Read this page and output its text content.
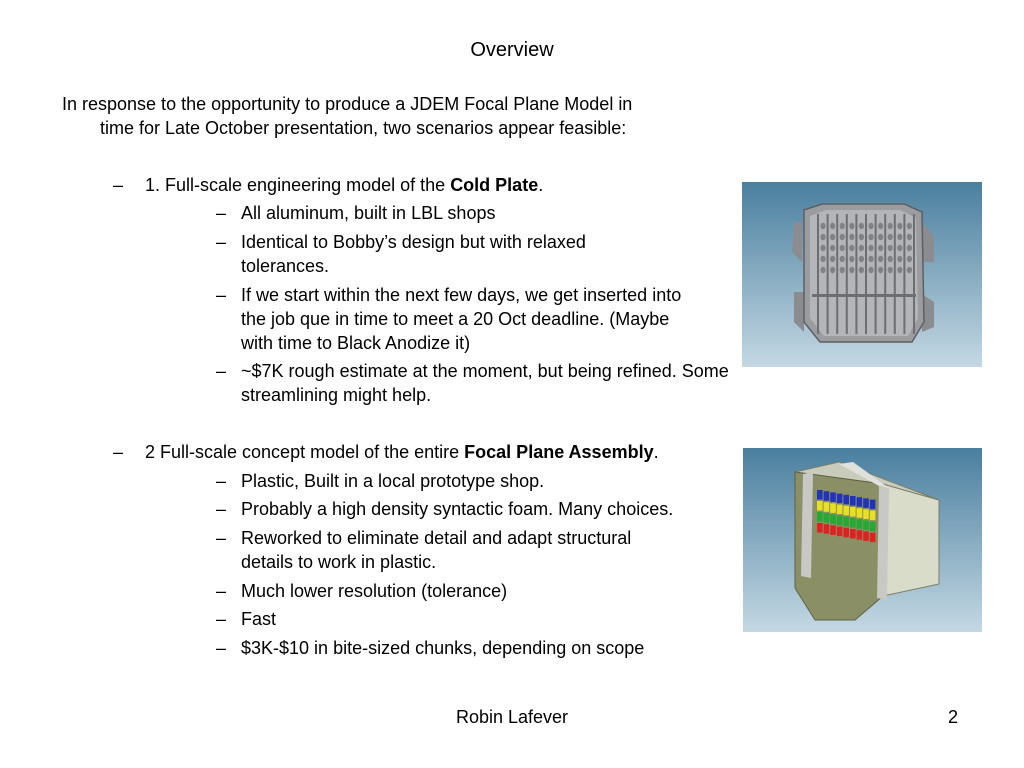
Overview
In response to the opportunity to produce a JDEM Focal Plane Model in
time for Late October presentation, two scenarios appear feasible:
– 1. Full-scale engineering model of the Cold Plate.
– All aluminum, built in LBL shops
– Identical to Bobby’s design but with relaxed tolerances.
– If we start within the next few days, we get inserted into the job que in time to meet a 20 Oct deadline. (Maybe with time to Black Anodize it)
– ~$7K rough estimate at the moment, but being refined. Some streamlining might help.
– 2 Full-scale concept model of the entire Focal Plane Assembly.
– Plastic, Built in a local prototype shop.
– Probably a high density syntactic foam. Many choices.
– Reworked to eliminate detail and adapt structural details to work in plastic.
– Much lower resolution (tolerance)
– Fast
– $3K-$10 in bite-sized chunks, depending on scope
Robin Lafever	2
